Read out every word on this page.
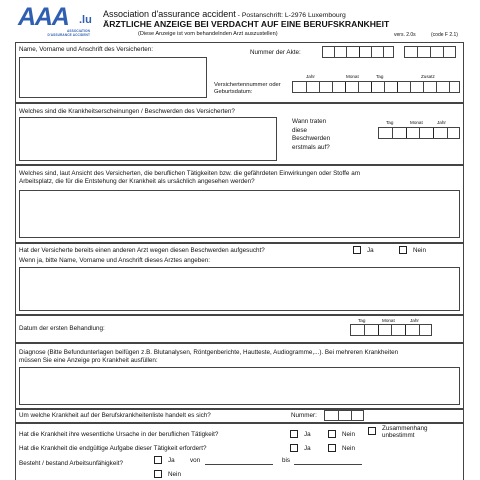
AAA .lu
ASSOCIATION
D'ASSURANCE ACCIDENT
Association d'assurance accident - Postanschrift: L-2976 Luxembourg
ÄRZTLICHE ANZEIGE BEI VERDACHT AUF EINE BERUFSKRANKHEIT
(Diese Anzeige ist vom behandelnden Arzt auszustellen)	vers. 2.0s	(code F 2.1)
Name, Vorname und Anschrift des Versicherten:	Nummer der Akte:
Jahr	Monat	Tag	Zusatz
Versichertennummer oder
Geburtsdatum:
Welches sind die Krankheitserscheinungen / Beschwerden des Versicherten?
Wann traten
diese
Beschwerden
erstmals auf?
Tag	Monat	Jahr
Welches sind, laut Ansicht des Versicherten, die beruflichen Tätigkeiten bzw. die gefährdeten Einwirkungen oder Stoffe am
Arbeitsplatz, die für die Entstehung der Krankheit als ursächlich angesehen werden?
Hat der Versicherte bereits einen anderen Arzt wegen diesen Beschwerden aufgesucht?	Ja	Nein
Wenn ja, bitte Name, Vorname und Anschrift dieses Arztes angeben:
Tag	Monat	Jahr
Datum der ersten Behandlung:
Diagnose (Bitte Befundunterlagen beifügen z.B. Blutanalysen, Röntgenberichte, Hautteste, Audiogramme,...). Bei mehreren Krankheiten
müssen Sie eine Anzeige pro Krankheit ausfüllen:
Um welche Krankheit auf der Berufskrankheitenliste handelt es sich?	Nummer:
Hat die Krankheit ihre wesentliche Ursache in der beruflichen Tätigkeit?	Ja	Nein
Zusammenhang
unbestimmt
Hat die Krankheit die endgültige Aufgabe dieser Tätigkeit erfordert?	Ja	Nein
Besteht / bestand Arbeitsunfähigkeit?	Ja von	bis
Nein
